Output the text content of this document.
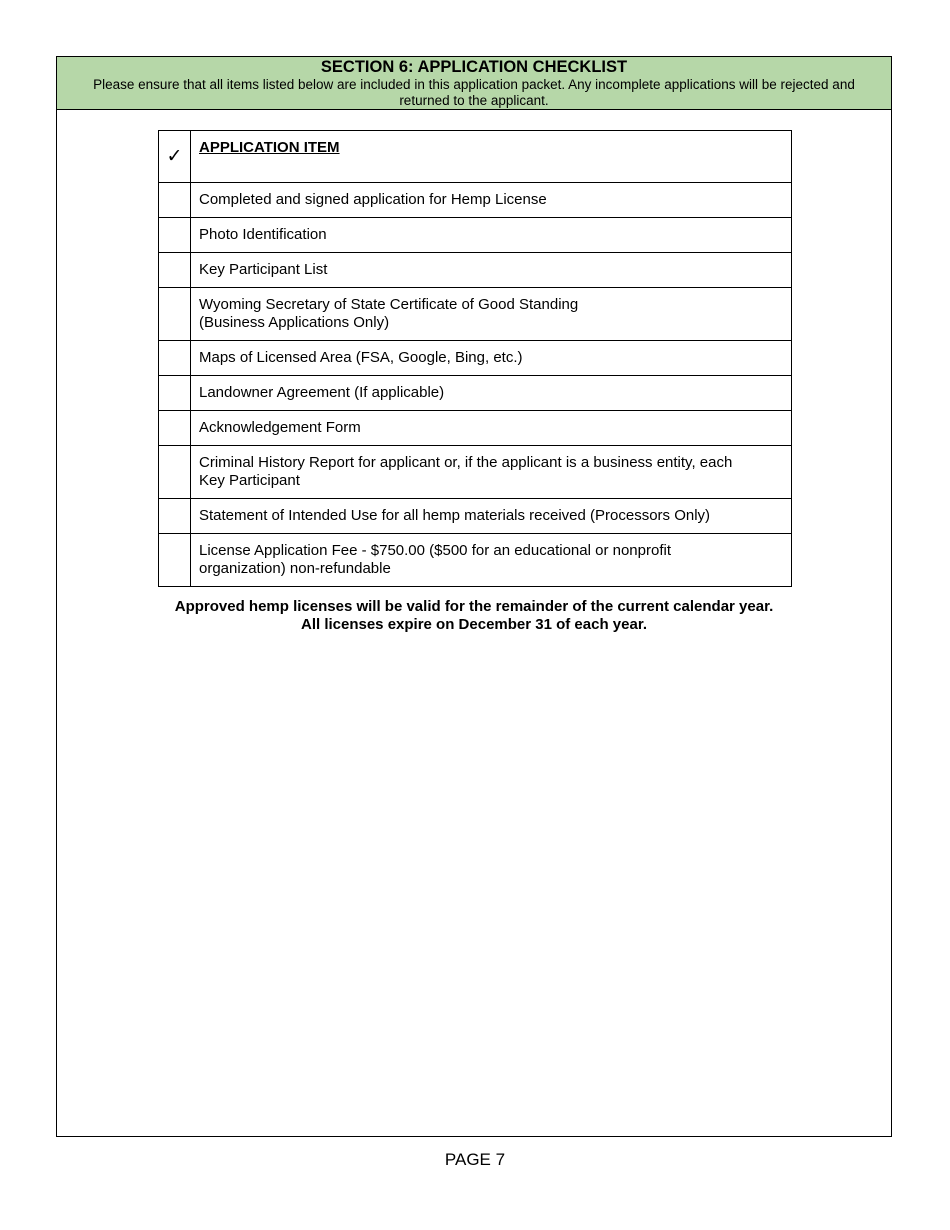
SECTION 6: APPLICATION CHECKLIST
Please ensure that all items listed below are included in this application packet. Any incomplete applications will be rejected and returned to the applicant.
✓	APPLICATION ITEM

	Completed and signed application for Hemp License

	Photo Identification

	Key Participant List

	Wyoming Secretary of State Certificate of Good Standing
(Business Applications Only)

	Maps of Licensed Area (FSA, Google, Bing, etc.)

	Landowner Agreement (If applicable)

	Acknowledgement Form

	Criminal History Report for applicant or, if the applicant is a business entity, each
Key Participant

	Statement of Intended Use for all hemp materials received (Processors Only)

	License Application Fee - $750.00 ($500 for an educational or nonprofit
organization) non-refundable
Approved hemp licenses will be valid for the remainder of the current calendar year.
All licenses expire on December 31 of each year.
PAGE 7
